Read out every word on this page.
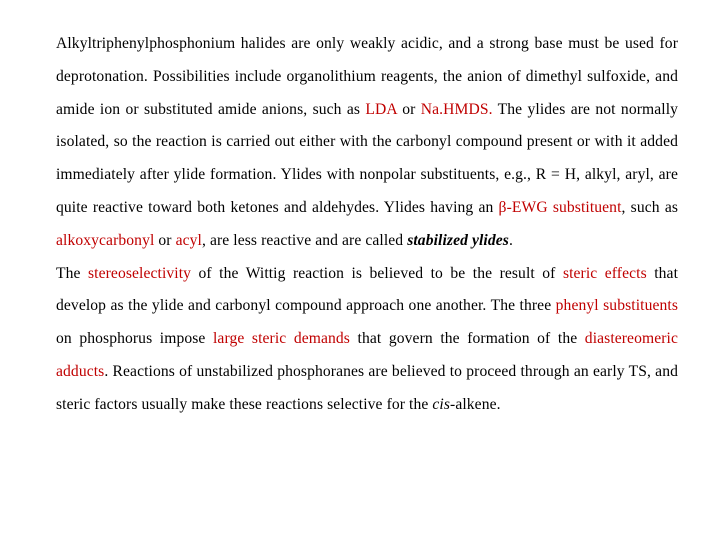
Alkyltriphenylphosphonium halides are only weakly acidic, and a strong base must be used for deprotonation. Possibilities include organolithium reagents, the anion of dimethyl sulfoxide, and amide ion or substituted amide anions, such as LDA or Na.HMDS. The ylides are not normally isolated, so the reaction is carried out either with the carbonyl compound present or with it added immediately after ylide formation. Ylides with nonpolar substituents, e.g., R = H, alkyl, aryl, are quite reactive toward both ketones and aldehydes. Ylides having an β-EWG substituent, such as alkoxycarbonyl or acyl, are less reactive and are called stabilized ylides.

The stereoselectivity of the Wittig reaction is believed to be the result of steric effects that develop as the ylide and carbonyl compound approach one another. The three phenyl substituents on phosphorus impose large steric demands that govern the formation of the diastereomeric adducts. Reactions of unstabilized phosphoranes are believed to proceed through an early TS, and steric factors usually make these reactions selective for the cis-alkene.
